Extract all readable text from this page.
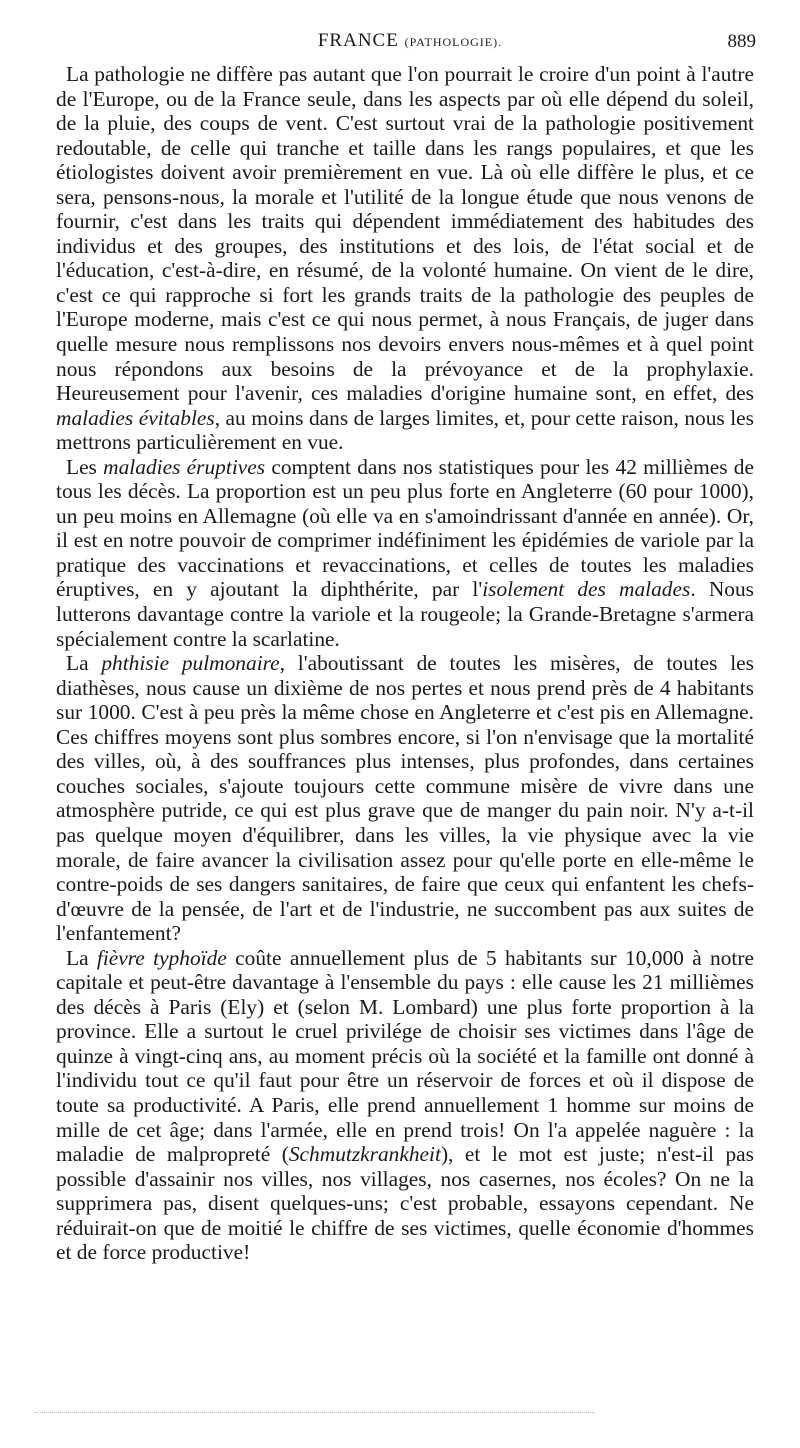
FRANCE (PATHOLOGIE).	889

La pathologie ne diffère pas autant que l'on pourrait le croire d'un point à l'autre de l'Europe, ou de la France seule, dans les aspects par où elle dépend du soleil, de la pluie, des coups de vent. C'est surtout vrai de la pathologie positivement redoutable, de celle qui tranche et taille dans les rangs populaires, et que les étiologistes doivent avoir premièrement en vue. Là où elle diffère le plus, et ce sera, pensons-nous, la morale et l'utilité de la longue étude que nous venons de fournir, c'est dans les traits qui dépendent immédiatement des habitudes des individus et des groupes, des institutions et des lois, de l'état social et de l'éducation, c'est-à-dire, en résumé, de la volonté humaine. On vient de le dire, c'est ce qui rapproche si fort les grands traits de la pathologie des peuples de l'Europe moderne, mais c'est ce qui nous permet, à nous Français, de juger dans quelle mesure nous remplissons nos devoirs envers nous-mêmes et à quel point nous répondons aux besoins de la prévoyance et de la prophylaxie. Heureusement pour l'avenir, ces maladies d'origine humaine sont, en effet, des maladies évitables, au moins dans de larges limites, et, pour cette raison, nous les mettrons particulièrement en vue.

Les maladies éruptives comptent dans nos statistiques pour les 42 millièmes de tous les décès. La proportion est un peu plus forte en Angleterre (60 pour 1000), un peu moins en Allemagne (où elle va en s'amoindrissant d'année en année). Or, il est en notre pouvoir de comprimer indéfiniment les épidémies de variole par la pratique des vaccinations et revaccinations, et celles de toutes les maladies éruptives, en y ajoutant la diphthérite, par l'isolement des malades. Nous lutterons davantage contre la variole et la rougeole; la Grande-Bretagne s'armera spécialement contre la scarlatine.

La phthisie pulmonaire, l'aboutissant de toutes les misères, de toutes les diathèses, nous cause un dixième de nos pertes et nous prend près de 4 habitants sur 1000. C'est à peu près la même chose en Angleterre et c'est pis en Allemagne. Ces chiffres moyens sont plus sombres encore, si l'on n'envisage que la mortalité des villes, où, à des souffrances plus intenses, plus profondes, dans certaines couches sociales, s'ajoute toujours cette commune misère de vivre dans une atmosphère putride, ce qui est plus grave que de manger du pain noir. N'y a-t-il pas quelque moyen d'équilibrer, dans les villes, la vie physique avec la vie morale, de faire avancer la civilisation assez pour qu'elle porte en elle-même le contre-poids de ses dangers sanitaires, de faire que ceux qui enfantent les chefs-d'œuvre de la pensée, de l'art et de l'industrie, ne succombent pas aux suites de l'enfantement?

La fièvre typhoïde coûte annuellement plus de 5 habitants sur 10,000 à notre capitale et peut-être davantage à l'ensemble du pays : elle cause les 21 millièmes des décès à Paris (Ely) et (selon M. Lombard) une plus forte proportion à la province. Elle a surtout le cruel privilége de choisir ses victimes dans l'âge de quinze à vingt-cinq ans, au moment précis où la société et la famille ont donné à l'individu tout ce qu'il faut pour être un réservoir de forces et où il dispose de toute sa productivité. A Paris, elle prend annuellement 1 homme sur moins de mille de cet âge; dans l'armée, elle en prend trois! On l'a appelée naguère : la maladie de malpropreté (Schmutzkrankheit), et le mot est juste; n'est-il pas possible d'assainir nos villes, nos villages, nos casernes, nos écoles? On ne la supprimera pas, disent quelques-uns; c'est probable, essayons cependant. Ne réduirait-on que de moitié le chiffre de ses victimes, quelle économie d'hommes et de force productive!
